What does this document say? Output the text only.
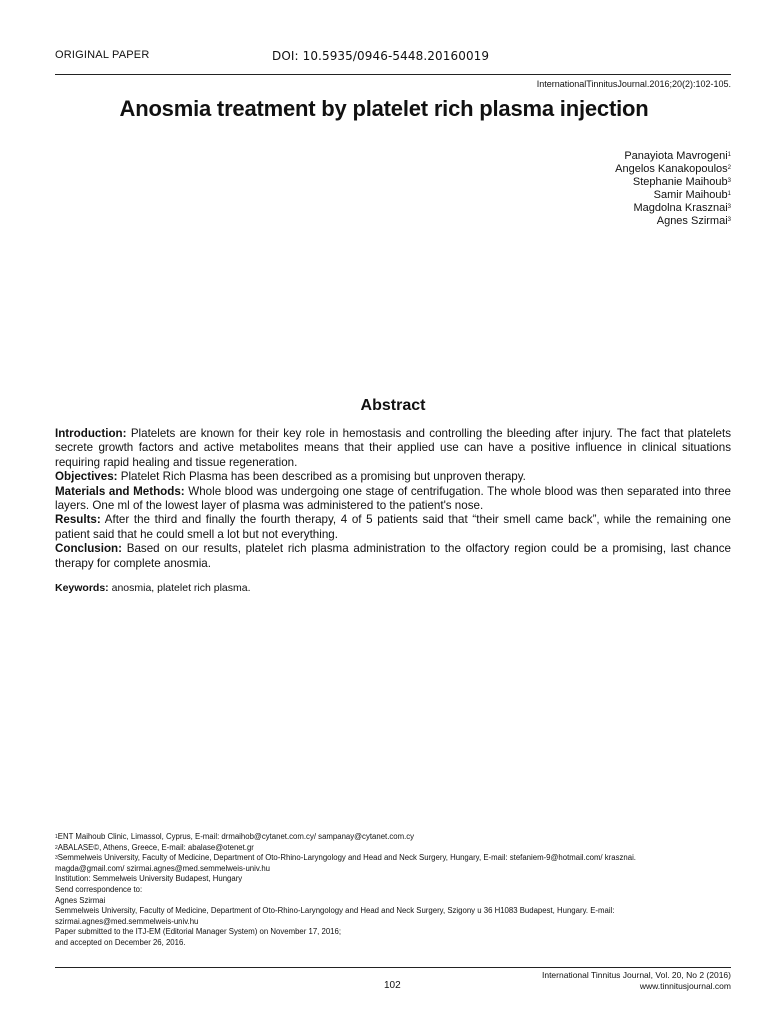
ORIGINAL PAPER	DOI: 10.5935/0946-5448.20160019
InternationalTinnitusJournal.2016;20(2):102-105.
Anosmia treatment by platelet rich plasma injection
Panayiota Mavrogeni$^1$
Angelos Kanakopoulos$^2$
Stephanie Maihoub$^3$
Samir Maihoub$^1$
Magdolna Krasznai$^3$
Agnes Szirmai$^3$
Abstract

Introduction: Platelets are known for their key role in hemostasis and controlling the bleeding after injury. The fact that platelets secrete growth factors and active metabolites means that their applied use can have a positive influence in clinical situations requiring rapid healing and tissue regeneration.

Objectives: Platelet Rich Plasma has been described as a promising but unproven therapy.

Materials and Methods: Whole blood was undergoing one stage of centrifugation. The whole blood was then separated into three layers. One ml of the lowest layer of plasma was administered to the patient's nose.

Results: After the third and finally the fourth therapy, 4 of 5 patients said that “their smell came back”, while the remaining one patient said that he could smell a lot but not everything.

Conclusion: Based on our results, platelet rich plasma administration to the olfactory region could be a promising, last chance therapy for complete anosmia.

Keywords: anosmia, platelet rich plasma.
$^1$ENT Maihoub Clinic, Limassol, Cyprus, E-mail: drmaihob@cytanet.com.cy/ sampanay@cytanet.com.cy
$^2$ABALASE©, Athens, Greece, E-mail: abalase@otenet.gr
$^3$Semmelweis University, Faculty of Medicine, Department of Oto-Rhino-Laryngology and Head and Neck Surgery, Hungary, E-mail: stefaniem-9@hotmail.com/ krasznai.
magda@gmail.com/ szirmai.agnes@med.semmelweis-univ.hu
Institution: Semmelweis University Budapest, Hungary
Send correspondence to:
Agnes Szirmai
Semmelweis University, Faculty of Medicine, Department of Oto-Rhino-Laryngology and Head and Neck Surgery, Szigony u 36 H1083 Budapest, Hungary. E-mail:
szirmai.agnes@med.semmelweis-univ.hu
Paper submitted to the ITJ-EM (Editorial Manager System) on November 17, 2016;
and accepted on December 26, 2016.
International Tinnitus Journal, Vol. 20, No 2 (2016)
www.tinnitusjournal.com
102
